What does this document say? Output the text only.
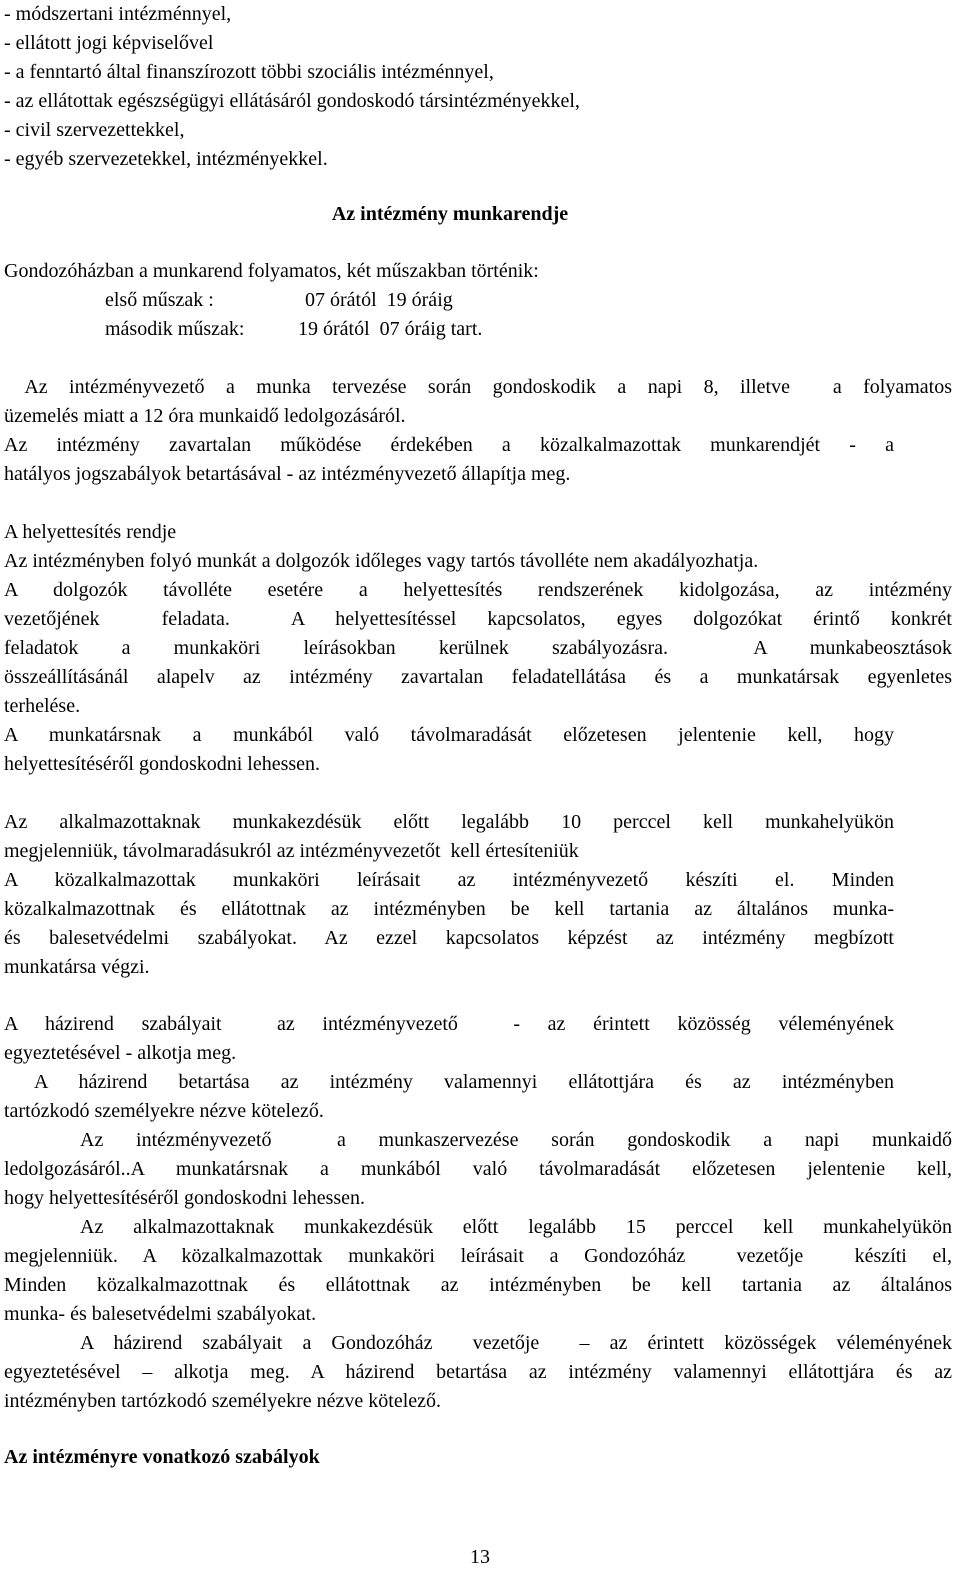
- módszertani intézménnyel,
- ellátott jogi képviselővel
- a fenntartó által finanszírozott többi szociális intézménnyel,
- az ellátottak egészségügyi ellátásáról gondoskodó társintézményekkel,
- civil szervezettekkel,
- egyéb szervezetekkel, intézményekkel.
Az intézmény munkarendje
Gondozóházban a munkarend folyamatos, két műszakban történik:
első műszak :	07 órától  19 óráig
második műszak:	19 órától  07 óráig tart.
Az intézményvezető a munka tervezése során gondoskodik a napi 8, illetve  a folyamatos
üzemelés miatt a 12 óra munkaidő ledolgozásáról.
Az intézmény zavartalan működése érdekében a közalkalmazottak munkarendjét - a
hatályos jogszabályok betartásával - az intézményvezető állapítja meg.
A helyettesítés rendje
Az intézményben folyó munkát a dolgozók időleges vagy tartós távolléte nem akadályozhatja.
A dolgozók távolléte esetére a helyettesítés rendszerének kidolgozása, az intézmény
vezetőjének  feladata.  A helyettesítéssel kapcsolatos, egyes dolgozókat érintő konkrét
feladatok a munkaköri leírásokban kerülnek szabályozásra.  A munkabeosztások
összeállításánál alapelv az intézmény zavartalan feladatellátása és a munkatársak egyenletes
terhelése.
A munkatársnak a munkából való távolmaradását előzetesen jelentenie kell, hogy
helyettesítéséről gondoskodni lehessen.
Az alkalmazottaknak munkakezdésük előtt legalább 10 perccel kell munkahelyükön
megjelenniük, távolmaradásukról az intézményvezetőt  kell értesíteniük
A közalkalmazottak munkaköri leírásait az intézményvezető készíti el. Minden
közalkalmazottnak és ellátottnak az intézményben be kell tartania az általános munka-
és balesetvédelmi szabályokat. Az ezzel kapcsolatos képzést az intézmény megbízott
munkatársa végzi.
A házirend szabályait  az intézményvezető  - az érintett közösség véleményének
egyeztetésével - alkotja meg.
A házirend betartása az intézmény valamennyi ellátottjára és az intézményben
tartózkodó személyekre nézve kötelező.
Az intézményvezető  a munkaszervezése során gondoskodik a napi munkaidő
ledolgozásáról..A munkatársnak a munkából való távolmaradását előzetesen jelentenie kell,
hogy helyettesítéséről gondoskodni lehessen.
Az alkalmazottaknak munkakezdésük előtt legalább 15 perccel kell munkahelyükön
megjelenniük. A közalkalmazottak munkaköri leírásait a Gondozóház  vezetője  készíti el,
Minden közalkalmazottnak és ellátottnak az intézményben be kell tartania az általános
munka- és balesetvédelmi szabályokat.
A házirend szabályait a Gondozóház  vezetője  – az érintett közösségek véleményének
egyeztetésével – alkotja meg. A házirend betartása az intézmény valamennyi ellátottjára és az
intézményben tartózkodó személyekre nézve kötelező.
Az intézményre vonatkozó szabályok
13
